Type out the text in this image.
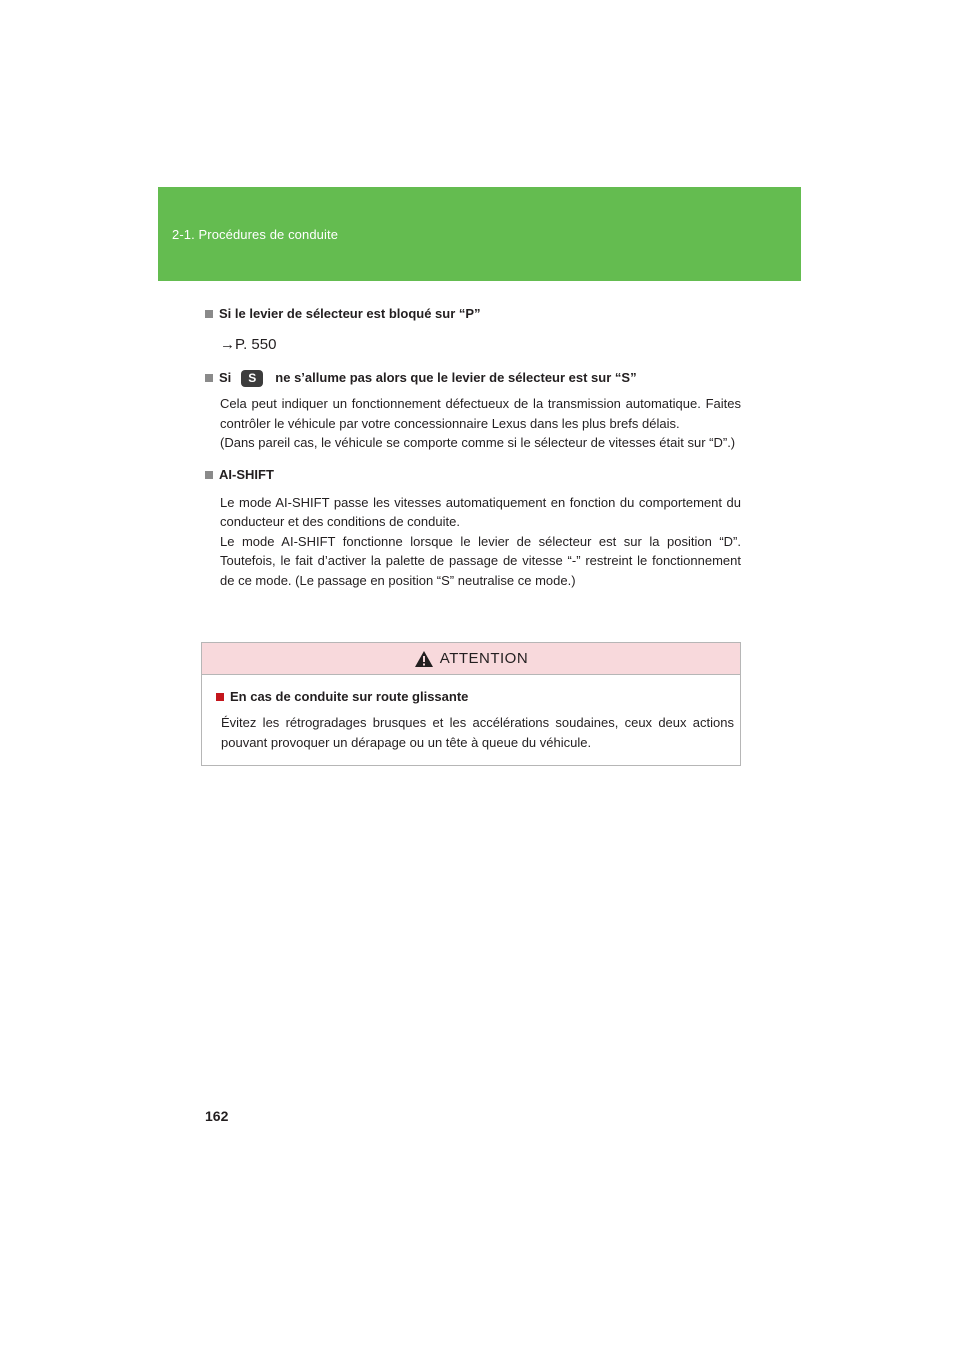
2-1. Procédures de conduite
Si le levier de sélecteur est bloqué sur “P”
→P. 550
Si	S	ne s’allume pas alors que le levier de sélecteur est sur “S”
Cela peut indiquer un fonctionnement défectueux de la transmission automatique. Faites contrôler le véhicule par votre concessionnaire Lexus dans les plus brefs délais.
(Dans pareil cas, le véhicule se comporte comme si le sélecteur de vitesses était sur “D”.)
AI-SHIFT
Le mode AI-SHIFT passe les vitesses automatiquement en fonction du comportement du conducteur et des conditions de conduite.
Le mode AI-SHIFT fonctionne lorsque le levier de sélecteur est sur la position “D”. Toutefois, le fait d’activer la palette de passage de vitesse “-” restreint le fonctionnement de ce mode. (Le passage en position “S” neutralise ce mode.)
ATTENTION
En cas de conduite sur route glissante
Évitez les rétrogradages brusques et les accélérations soudaines, ceux deux actions pouvant provoquer un dérapage ou un tête à queue du véhicule.
162
